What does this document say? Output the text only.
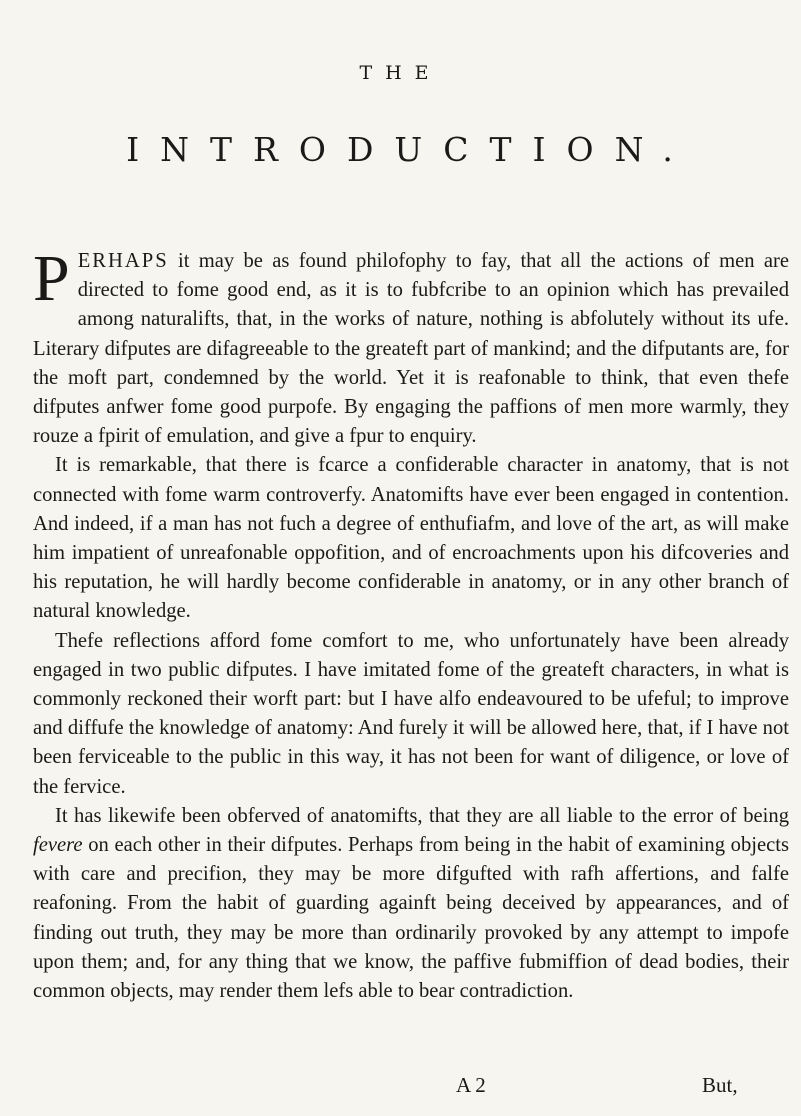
THE
INTRODUCTION.

PERHAPS it may be as found philofophy to fay, that all the actions of men are directed to fome good end, as it is to fubfcribe to an opinion which has prevailed among naturalifts, that, in the works of nature, nothing is abfolutely without its ufe. Literary difputes are difagreeable to the greateft part of mankind; and the difputants are, for the moft part, condemned by the world. Yet it is reafonable to think, that even thefe difputes anfwer fome good purpofe. By engaging the paffions of men more warmly, they rouze a fpirit of emulation, and give a fpur to enquiry.

It is remarkable, that there is fcarce a confiderable character in anatomy, that is not connected with fome warm controverfy. Anatomifts have ever been engaged in contention. And indeed, if a man has not fuch a degree of enthufiafm, and love of the art, as will make him impatient of unreafonable oppofition, and of encroachments upon his difcoveries and his reputation, he will hardly become confiderable in anatomy, or in any other branch of natural knowledge.

Thefe reflections afford fome comfort to me, who unfortunately have been already engaged in two public difputes. I have imitated fome of the greateft characters, in what is commonly reckoned their worft part: but I have alfo endeavoured to be ufeful; to improve and diffufe the knowledge of anatomy: And furely it will be allowed here, that, if I have not been ferviceable to the public in this way, it has not been for want of diligence, or love of the fervice.

It has likewife been obferved of anatomifts, that they are all liable to the error of being fevere on each other in their difputes. Perhaps from being in the habit of examining objects with care and precifion, they may be more difgufted with rafh affertions, and falfe reafoning. From the habit of guarding againft being deceived by appearances, and of finding out truth, they may be more than ordinarily provoked by any attempt to impofe upon them; and, for any thing that we know, the paffive fubmiffion of dead bodies, their common objects, may render them lefs able to bear contradiction.

A 2	But,
